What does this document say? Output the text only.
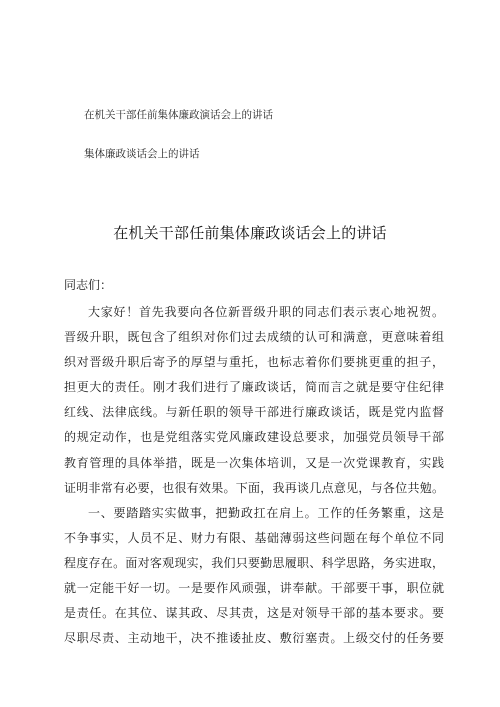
在机关干部任前集体廉政演话会上的讲话
集体廉政谈话会上的讲话
在机关干部任前集体廉政谈话会上的讲话
同志们：
大家好！首先我要向各位新晋级升职的同志们表示衷心地祝贺。
晋级升职，既包含了组织对你们过去成绩的认可和满意，更意味着组
织对晋级升职后寄予的厚望与重托，也标志着你们要挑更重的担子，
担更大的责任。刚才我们进行了廉政谈话，简而言之就是要守住纪律
红线、法律底线。与新任职的领导干部进行廉政谈话，既是党内监督
的规定动作，也是党组落实党风廉政建设总要求，加强党员领导干部
教育管理的具体举措，既是一次集体培训，又是一次党课教育，实践
证明非常有必要，也很有效果。下面，我再谈几点意见，与各位共勉。
一、要踏踏实实做事，把勤政扛在肩上。工作的任务繁重，这是
不争事实，人员不足、财力有限、基础薄弱这些问题在每个单位不同
程度存在。面对客观现实，我们只要勤思履职、科学思路，务实进取，
就一定能干好一切。一是要作风顽强，讲奉献。干部要干事，职位就
是责任。在其位、谋其政、尽其责，这是对领导干部的基本要求。要
尽职尽责、主动地干，决不推诿扯皮、敷衍塞责。上级交付的任务要
